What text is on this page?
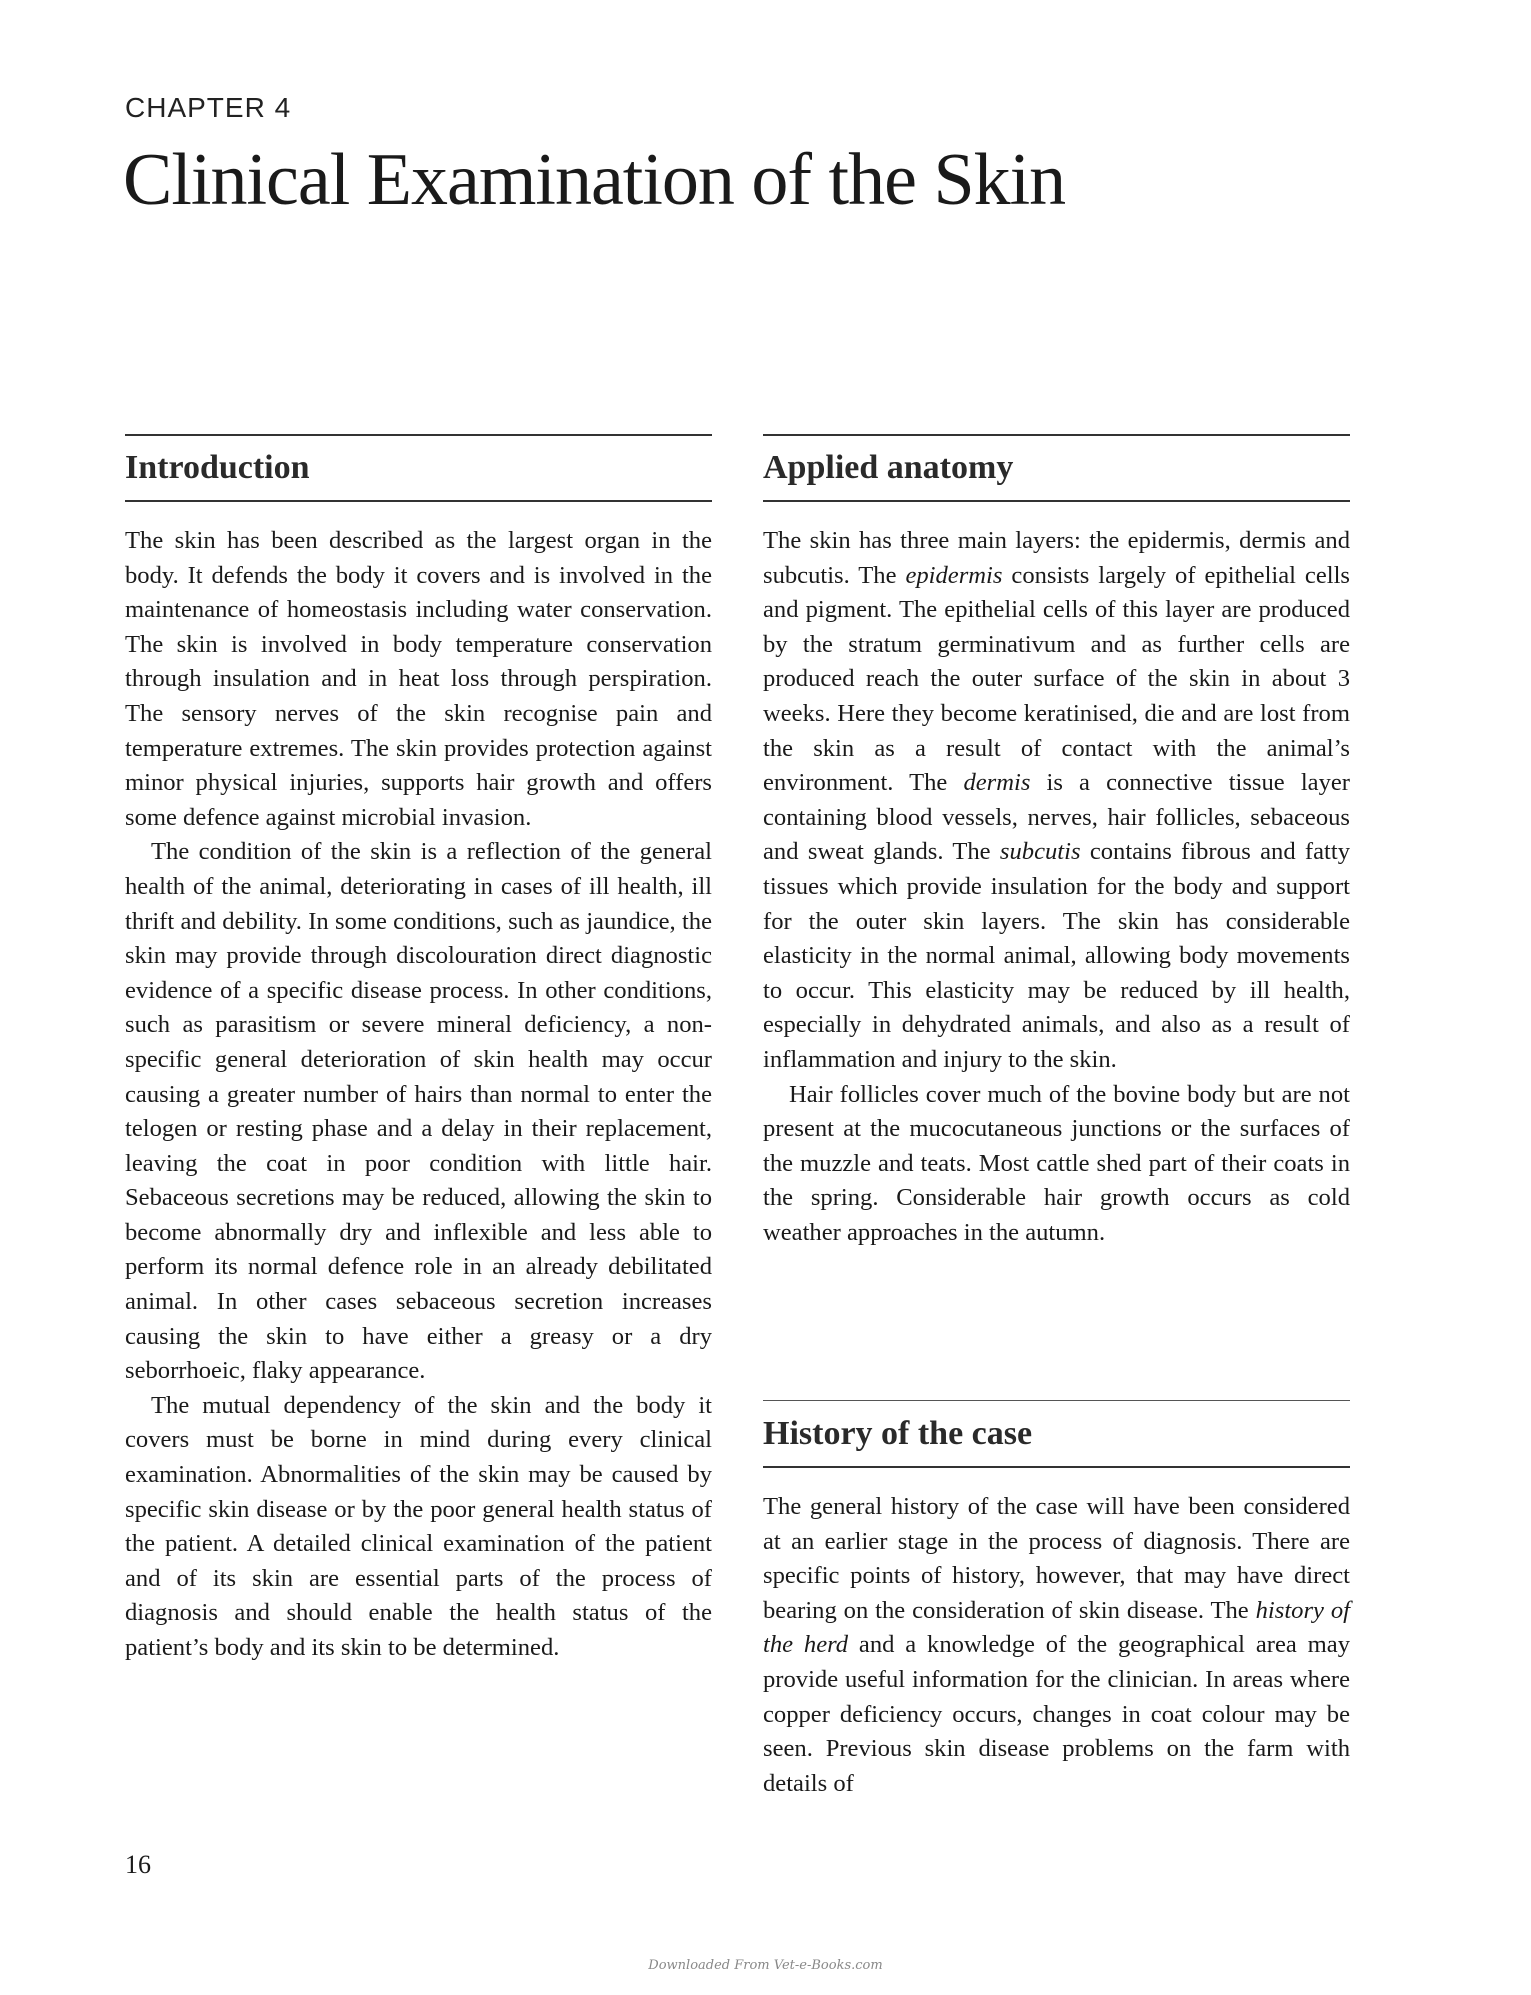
CHAPTER 4
Clinical Examination of the Skin
Introduction

The skin has been described as the largest organ in the body. It defends the body it covers and is involved in the maintenance of homeostasis including water conservation. The skin is involved in body temperature conservation through insulation and in heat loss through perspiration. The sensory nerves of the skin recognise pain and temperature extremes. The skin provides protection against minor physical injuries, supports hair growth and offers some defence against microbial invasion.

The condition of the skin is a reflection of the general health of the animal, deteriorating in cases of ill health, ill thrift and debility. In some conditions, such as jaundice, the skin may provide through discolouration direct diagnostic evidence of a specific disease process. In other conditions, such as parasitism or severe mineral deficiency, a non-specific general deterioration of skin health may occur causing a greater number of hairs than normal to enter the telogen or resting phase and a delay in their replacement, leaving the coat in poor condition with little hair. Sebaceous secretions may be reduced, allowing the skin to become abnormally dry and inflexible and less able to perform its normal defence role in an already debilitated animal. In other cases sebaceous secretion increases causing the skin to have either a greasy or a dry seborrhoeic, flaky appearance.

The mutual dependency of the skin and the body it covers must be borne in mind during every clinical examination. Abnormalities of the skin may be caused by specific skin disease or by the poor general health status of the patient. A detailed clinical examination of the patient and of its skin are essential parts of the process of diagnosis and should enable the health status of the patient’s body and its skin to be determined.

Applied anatomy

The skin has three main layers: the epidermis, dermis and subcutis. The epidermis consists largely of epithelial cells and pigment. The epithelial cells of this layer are produced by the stratum germinativum and as further cells are produced reach the outer surface of the skin in about 3 weeks. Here they become keratinised, die and are lost from the skin as a result of contact with the animal’s environment. The dermis is a connective tissue layer containing blood vessels, nerves, hair follicles, sebaceous and sweat glands. The subcutis contains fibrous and fatty tissues which provide insulation for the body and support for the outer skin layers. The skin has considerable elasticity in the normal animal, allowing body movements to occur. This elasticity may be reduced by ill health, especially in dehydrated animals, and also as a result of inflammation and injury to the skin.

Hair follicles cover much of the bovine body but are not present at the mucocutaneous junctions or the surfaces of the muzzle and teats. Most cattle shed part of their coats in the spring. Considerable hair growth occurs as cold weather approaches in the autumn.

History of the case

The general history of the case will have been considered at an earlier stage in the process of diagnosis. There are specific points of history, however, that may have direct bearing on the consideration of skin disease. The history of the herd and a knowledge of the geographical area may provide useful information for the clinician. In areas where copper deficiency occurs, changes in coat colour may be seen. Previous skin disease problems on the farm with details of

16
Downloaded From Vet-e-Books.com
